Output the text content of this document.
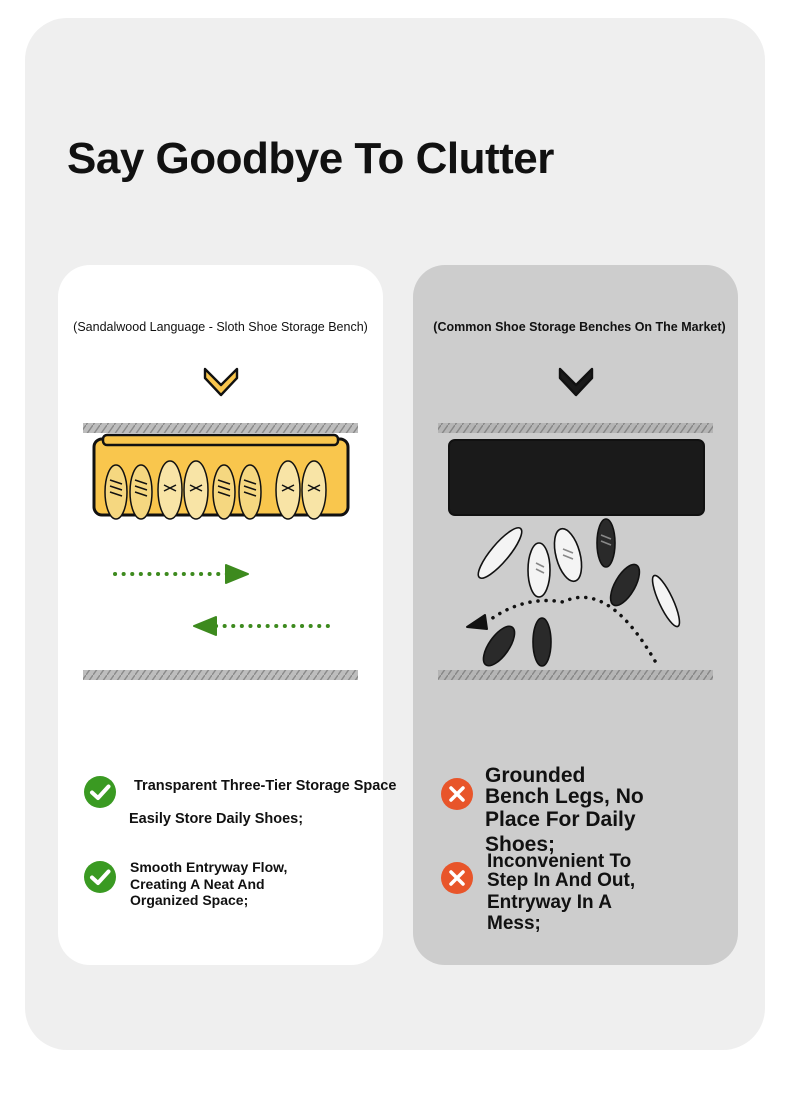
Say Goodbye To Clutter
(Sandalwood Language - Sloth Shoe Storage Bench)
Transparent Three-Tier Storage Space
Easily Store Daily Shoes;
Smooth Entryway Flow,
Creating A Neat And
Organized Space;
(Common Shoe Storage Benches On The Market)
Grounded
Bench Legs, No
Place For Daily
Shoes;
Inconvenient To
Step In And Out,
Entryway In A
Mess;
